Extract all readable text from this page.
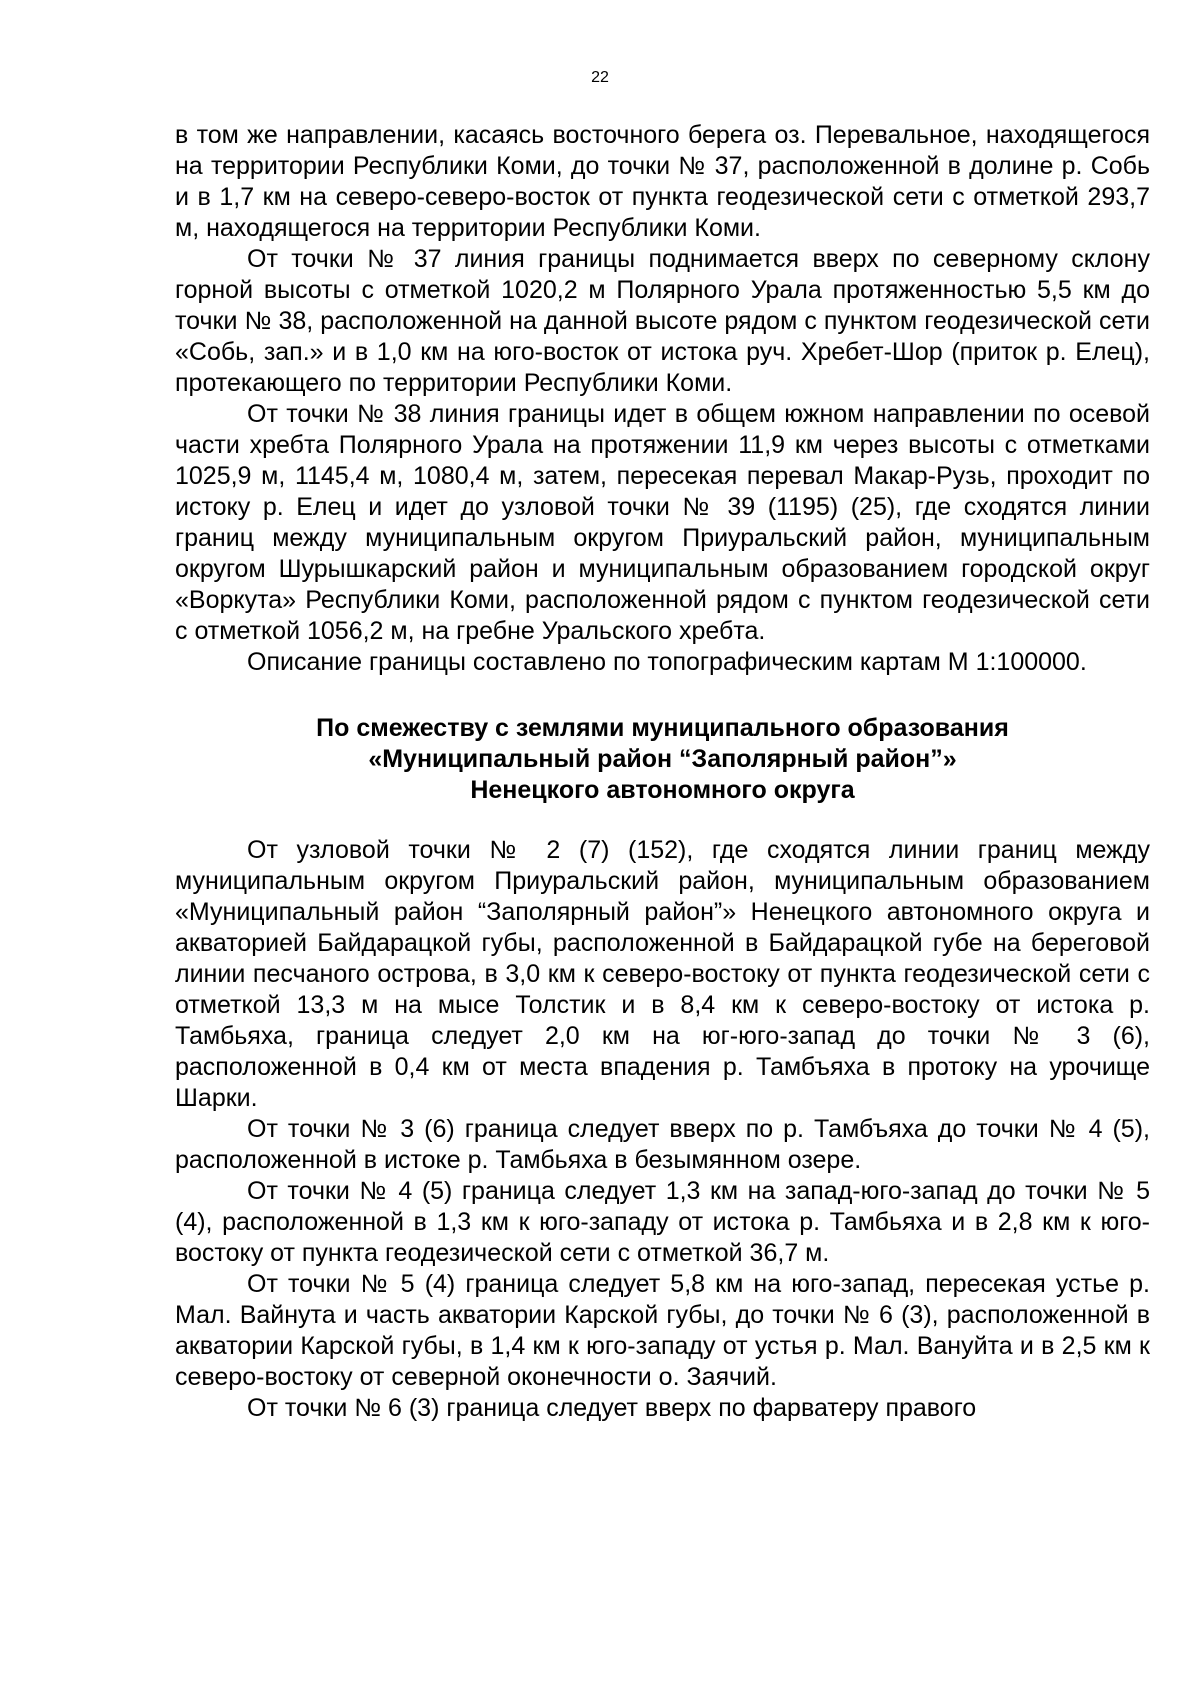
22

в том же направлении, касаясь восточного берега оз. Перевальное, находящегося на территории Республики Коми, до точки № 37, расположенной в долине р. Собь и в 1,7 км на северо-северо-восток от пункта геодезической сети с отметкой 293,7 м, находящегося на территории Республики Коми.

От точки № 37 линия границы поднимается вверх по северному склону горной высоты с отметкой 1020,2 м Полярного Урала протяженностью 5,5 км до точки № 38, расположенной на данной высоте рядом с пунктом геодезической сети «Собь, зап.» и в 1,0 км на юго-восток от истока руч. Хребет-Шор (приток р. Елец), протекающего по территории Республики Коми.

От точки № 38 линия границы идет в общем южном направлении по осевой части хребта Полярного Урала на протяжении 11,9 км через высоты с отметками 1025,9 м, 1145,4 м, 1080,4 м, затем, пересекая перевал Макар-Рузь, проходит по истоку р. Елец и идет до узловой точки № 39 (1195) (25), где сходятся линии границ между муниципальным округом Приуральский район, муниципальным округом Шурышкарский район и муниципальным образованием городской округ «Воркута» Республики Коми, расположенной рядом с пунктом геодезической сети с отметкой 1056,2 м, на гребне Уральского хребта.

Описание границы составлено по топографическим картам М 1:100000.

По смежеству с землями муниципального образования
«Муниципальный район “Заполярный район”»
Ненецкого автономного округа

От узловой точки № 2 (7) (152), где сходятся линии границ между муниципальным округом Приуральский район, муниципальным образованием «Муниципальный район “Заполярный район”» Ненецкого автономного округа и акваторией Байдарацкой губы, расположенной в Байдарацкой губе на береговой линии песчаного острова, в 3,0 км к северо-востоку от пункта геодезической сети с отметкой 13,3 м на мысе Толстик и в 8,4 км к северо-востоку от истока р. Тамбьяха, граница следует 2,0 км на юг-юго-запад до точки № 3 (6), расположенной в 0,4 км от места впадения р. Тамбъяха в протоку на урочище Шарки.

От точки № 3 (6) граница следует вверх по р. Тамбъяха до точки № 4 (5), расположенной в истоке р. Тамбьяха в безымянном озере.

От точки № 4 (5) граница следует 1,3 км на запад-юго-запад до точки № 5 (4), расположенной в 1,3 км к юго-западу от истока р. Тамбьяха и в 2,8 км к юго-востоку от пункта геодезической сети с отметкой 36,7 м.

От точки № 5 (4) граница следует 5,8 км на юго-запад, пересекая устье р. Мал. Вайнута и часть акватории Карской губы, до точки № 6 (3), расположенной в акватории Карской губы, в 1,4 км к юго-западу от устья р. Мал. Вануйта и в 2,5 км к северо-востоку от северной оконечности о. Заячий.

От точки № 6 (3) граница следует вверх по фарватеру правого
